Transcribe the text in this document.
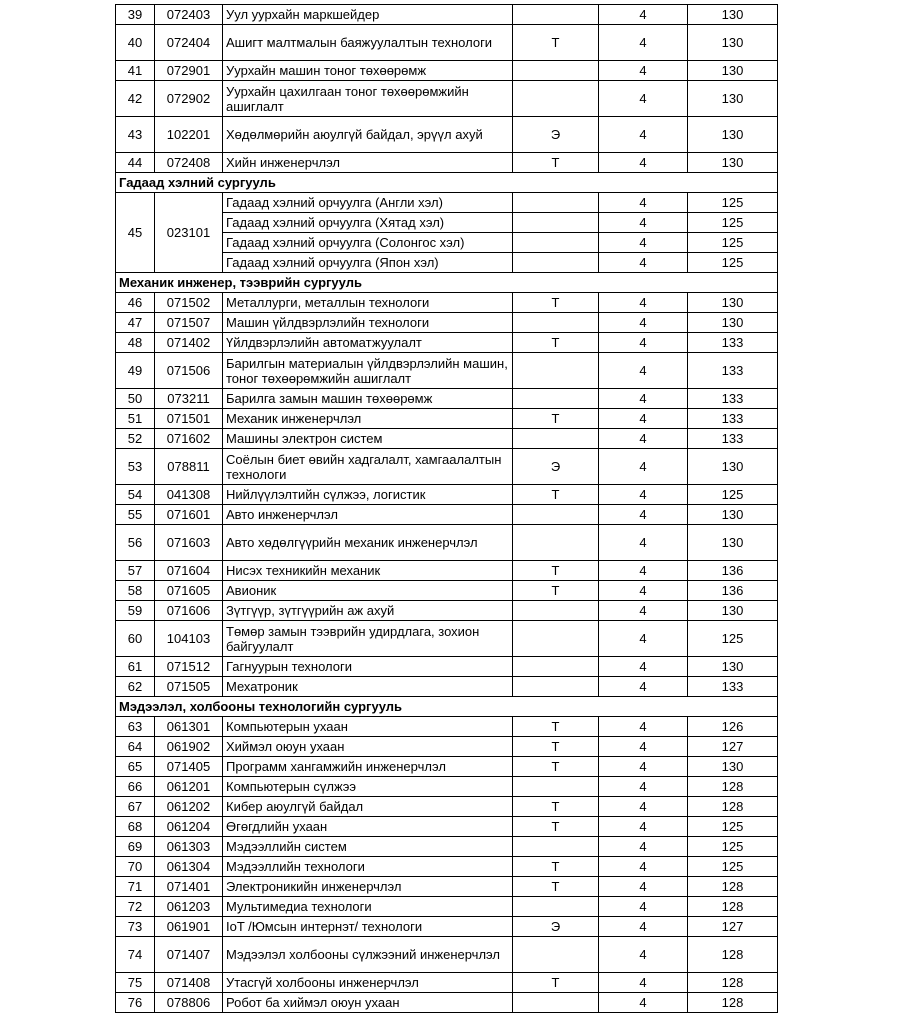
39	072403	Уул уурхайн маркшейдер		4	130
40	072404	Ашигт малтмалын баяжуулалтын технологи	Т	4	130
41	072901	Уурхайн машин тоног төхөөрөмж		4	130
42	072902	Уурхайн цахилгаан тоног төхөөрөмжийн ашиглалт		4	130
43	102201	Хөдөлмөрийн аюулгүй байдал, эрүүл ахуй	Э	4	130
44	072408	Хийн инженерчлэл	Т	4	130
Гадаад хэлний сургууль					
45	023101	Гадаад хэлний орчуулга (Англи хэл)		4	125
		Гадаад хэлний орчуулга (Хятад хэл)		4	125
		Гадаад хэлний орчуулга (Солонгос хэл)		4	125
		Гадаад хэлний орчуулга (Япон хэл)		4	125
Механик инженер, тээврийн сургууль					
46	071502	Металлурги, металлын технологи	Т	4	130
47	071507	Машин үйлдвэрлэлийн технологи		4	130
48	071402	Үйлдвэрлэлийн автоматжуулалт	Т	4	133
49	071506	Барилгын материалын үйлдвэрлэлийн машин, тоног төхөөрөмжийн ашиглалт		4	133
50	073211	Барилга замын машин төхөөрөмж		4	133
51	071501	Механик инженерчлэл	Т	4	133
52	071602	Машины электрон систем		4	133
53	078811	Соёлын биет өвийн хадгалалт, хамгаалалтын технологи	Э	4	130
54	041308	Нийлүүлэлтийн сүлжээ, логистик	Т	4	125
55	071601	Авто инженерчлэл		4	130
56	071603	Авто хөдөлгүүрийн механик инженерчлэл		4	130
57	071604	Нисэх техникийн механик	Т	4	136
58	071605	Авионик	Т	4	136
59	071606	Зүтгүүр, зүтгүүрийн аж ахуй		4	130
60	104103	Төмөр замын тээврийн удирдлага, зохион байгуулалт		4	125
61	071512	Гагнуурын технологи		4	130
62	071505	Мехатроник		4	133
Мэдээлэл, холбооны технологийн сургууль					
63	061301	Компьютерын ухаан	Т	4	126
64	061902	Хиймэл оюун ухаан	Т	4	127
65	071405	Программ хангамжийн инженерчлэл	Т	4	130
66	061201	Компьютерын сүлжээ		4	128
67	061202	Кибер аюулгүй байдал	Т	4	128
68	061204	Өгөгдлийн ухаан	Т	4	125
69	061303	Мэдээллийн систем		4	125
70	061304	Мэдээллийн технологи	Т	4	125
71	071401	Электроникийн инженерчлэл	Т	4	128
72	061203	Мультимедиа технологи		4	128
73	061901	IoT /Юмсын интернэт/ технологи	Э	4	127
74	071407	Мэдээлэл холбооны сүлжээний инженерчлэл		4	128
75	071408	Утасгүй холбооны инженерчлэл	Т	4	128
76	078806	Робот ба хиймэл оюун ухаан		4	128
